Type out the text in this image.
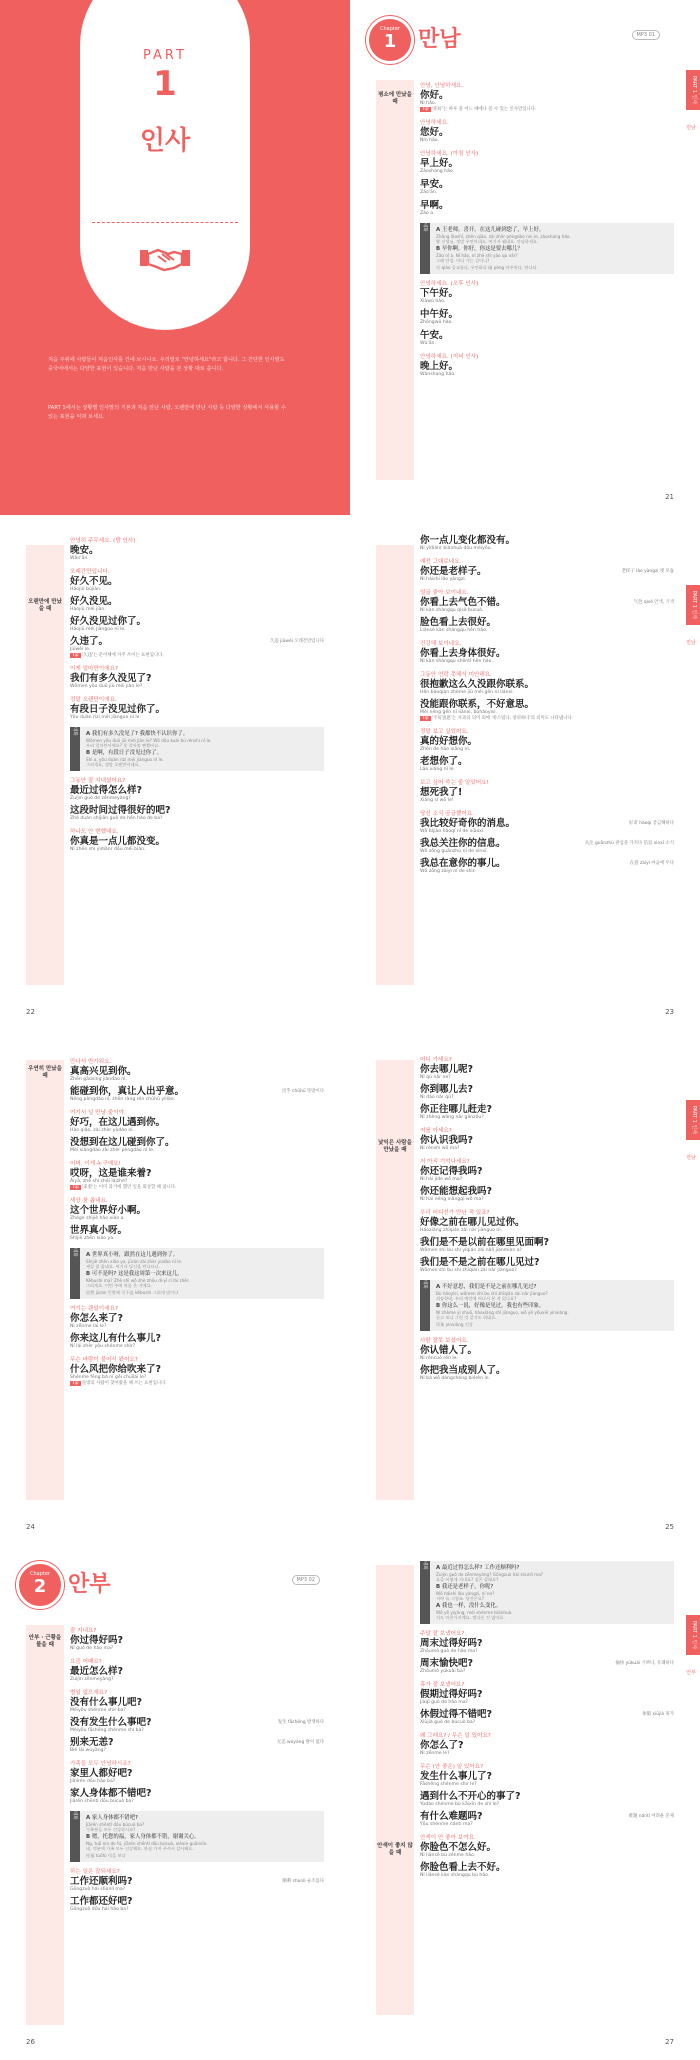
PART
1
인사
처음 주위에 사람들이 처음인사를 건네 보시나요. 우리말로 "안녕하세요"라고 합니다. 그 간단한 인사말도 중국어에서는 다양한 표현이 있습니다. 처음 만난 사람을 본 상황 대로 씁니다.
PART 1에서는 상황별 인사말의 기본과 처음 만난 사람, 오랜만에 만난 사람 등 다양한 상황에서 사용할 수 있는 표현을 익혀 보세요.
Chapter
1 만남	MP3 01
PART 1 인사
만남
평소에 만났을 때
안녕, 안녕하세요.
你好。
Nǐ hǎo.
Tip '你好'는 하루 중 어느 때에나 쓸 수 있는 인사말입니다.
안녕하세요.
您好。
Nín hǎo.
안녕하세요. (아침 인사)
早上好。
Zǎoshang hǎo.
早安。
Zǎo'ān.
早啊。
Zǎo a.
대화	A 王老师，喜开。在这儿碰到您了，早上好。
Zhāng lǎoshī, zhēn qiǎo, zài zhèr pèngdào nín le, zǎoshang hǎo.
왕 선생님, 정말 우연이네요. 여기서 뵙네요. 안녕하세요.
B 早你啊。你好，你这是要去哪儿？
Zǎo nǐ a. Nǐ hǎo, nǐ zhè shì yào qù nǎr?
그래 안녕. 어디 가는 길이니?
巧 qiǎo 공교롭다, 우연하다 碰 pèng 마주치다, 만나다
안녕하세요. (오후 인사)
下午好。
Xiàwǔ hǎo.
中午好。
Zhōngwǔ hǎo.
午安。
Wǔ'ān.
안녕하세요. (저녁 인사)
晚上好。
Wǎnshang hǎo.
21
오랜만에 만났을 때
안녕히 주무세요. (밤 인사)
晚安。
Wǎn'ān.
오래간만입니다.
好久不见。
Hǎojiǔ bújiàn.
好久没见。
Hǎojiǔ méi jiàn.
好久没见过你了。
Hǎojiǔ méi jiànguo nǐ le.
久违了。
Jiǔwéi le.
久违 jiǔwéi 오래간만입니다
Tip '久违'는 문어체에 자주 쓰이는 표현입니다.
이게 얼마만이에요?
我们有多久没见了?
Wǒmen yǒu duō jiǔ méi jiàn le?
정말 오랜만이에요.
有段日子没见过你了。
Yǒu duàn rìzi méi jiànguo nǐ le.
대화	A 我们有多久没见了? 我都快不认识你了。
Wǒmen yǒu duō jiǔ méi jiàn le? Wǒ dōu kuài bú rènshi nǐ le.
우리 얼마만이에요? 못 알아볼 뻔했어요.
B 是啊，有段日子没见过你了。
Shì a, yǒu duàn rìzi méi jiànguo nǐ le.
그러게요, 정말 오랜만이네요.
그동안 잘 지내셨어요?
最近过得怎么样?
Zuìjìn guò de zěnmeyàng?
这段时间过得很好的吧?
Zhè duàn shíjiān guò de hěn hǎo de ba?
하나도 안 변했네요.
你真是一点儿都没变。
Nǐ zhēn shì yìdiǎnr dōu méi biàn.
22
PART 1 인사
만남
你一点儿变化都没有。
Nǐ yìdiǎnr biànhuà dōu méiyǒu.
예전 그대로네요.
你还是老样子。
Nǐ háishi lǎo yàngzi.
老样子 lǎo yàngzi 옛 모습
얼굴 좋아 보이네요.
你看上去气色不错。
Nǐ kàn shàngqu qìsè búcuò.
气色 qìsè 안색, 기색
脸色看上去很好。
Liǎnsè kàn shàngqu hěn hǎo.
건강해 보이네요.
你看上去身体很好。
Nǐ kàn shàngqu shēntǐ hěn hǎo.
그동안 연락 못해서 미안해요.
很抱歉这么久没跟你联系。
Hěn bàoqiàn zhème jiǔ méi gēn nǐ liánxì.
没能跟你联系，不好意思。
Méi néng gēn nǐ liánxì, bùhǎoyìsi.
Tip '不好意思'는 사과의 의미 외에 '쑥스럽다, 창피하다'의 의미도 나타냅니다.
정말 보고 싶었어요.
真的好想你。
Zhēn de hǎo xiǎng nǐ.
老想你了。
Lǎo xiǎng nǐ le.
보고 싶어 죽는 줄 알았어요!
想死我了!
Xiǎng sǐ wǒ le!
당신 소식 궁금했어요.
我比较好奇你的消息。
Wǒ bǐjiào hàoqí nǐ de xiāoxi.
好奇 hàoqí 궁금해하다
我总关注你的信息。
Wǒ zǒng guānzhù nǐ de xìnxī.
关注 guānzhù 관심을 가지다 信息 xìnxī 소식
我总在意你的事儿。
Wǒ zǒng zàiyì nǐ de shìr.
在意 zàiyì 마음에 두다
23
우연히 만났을 때
만나서 반가워요.
真高兴见到你。
Zhēn gāoxìng jiàndào nǐ.
能碰到你，真让人出乎意。
Néng pèngdào nǐ, zhēn ràng rén chūhū yìliào.
出乎 chūhū 뜻밖이다
여기서 널 만날 줄이야.
好巧，在这儿遇到你。
Hǎo qiǎo, zài zhèr yùdào nǐ.
没想到在这儿碰到你了。
Méi xiǎngdào zài zhèr pèngdào nǐ le.
어머, 이게 누구예요!
哎呀，这是谁来着?
Āiyā, zhè shì shéi láizhe?
Tip '来着'는 이미 과거에 했던 일을 회상할 때 씁니다.
세상 참 좁네요.
这个世界好小啊。
Zhège shìjiè hǎo xiǎo a.
世界真小呀。
Shìjiè zhēn xiǎo ya.
대화	A 世界真小呀，跟然在这儿遇到你了。
Shìjiè zhēn xiǎo ya, jūrán zài zhèr yùdào nǐ le.
세상 참 좁네요. 여기서 당신을 만나다니.
B 可不是吗? 这是我这周第一次来这儿。
Kěbushì ma? Zhè shì wǒ zhè zhōu dì-yī cì lái zhèr.
그러게요. 이번 주에 처음 온 거예요.
居然 jūrán 뜻밖에 可不是 kěbushì 그러게 말이다
여기는 웬일이세요?
你怎么来了?
Nǐ zěnme lái le?
你来这儿有什么事儿?
Nǐ lái zhèr yǒu shénme shìr?
무슨 바람이 불어서 왔어요?
什么风把你给吹来了?
Shénme fēng bǎ nǐ gěi chuīlai le?
Tip 뜻밖의 사람이 찾아왔을 때 쓰는 표현입니다.
24
PART 1 인사
만남
낯익은 사람을 만났을 때
어디 가세요?
你去哪儿呢?
Nǐ qù nǎr ne?
你到哪儿去?
Nǐ dào nǎr qù?
你正往哪儿赶走?
Nǐ zhèng wǎng nǎr gǎnzǒu?
저를 아세요?
你认识我吗?
Nǐ rènshi wǒ ma?
저 아직 기억나세요?
你还记得我吗?
Nǐ hái jìde wǒ ma?
你还能想起我吗?
Nǐ hái néng xiǎngqǐ wǒ ma?
우리 어디선가 만난 적 있죠?
好像之前在哪儿见过你。
Hǎoxiàng zhīqián zài nǎr jiànguo nǐ.
我们是不是以前在哪里见面啊?
Wǒmen shì bu shì yǐqián zài nǎlǐ jiànmiàn a?
我们是不是之前在哪儿见过?
Wǒmen shì bu shì zhīqián zài nǎr jiànguo?
대화	A 不好意思，我们是不是之前在哪儿见过?
Bù hǎoyìsi, wǒmen shì bu shì zhīqián zài nǎr jiànguo?
죄송한데, 우리 예전에 어디서 본 적 있나요?
B 你这么一说，好像是见过，我也有些印象。
Nǐ zhème yì shuō, hǎoxiàng shì jiànguo, wǒ yě yǒuxiē yìnxiàng.
듣고 보니 그런 것 같기도 하네요.
印象 yìnxiàng 인상
사람 잘못 보셨어요.
你认错人了。
Nǐ rèncuò rén le.
你把我当成别人了。
Nǐ bǎ wǒ dàngchéng biérén le.
25
Chapter
2 안부	MP3 02
안부 · 근황을 물을 때
잘 지내요?
你过得好吗?
Nǐ guò de hǎo ma?
요즘 어때요?
最近怎么样?
Zuìjìn zěnmeyàng?
별일 없으세요?
没有什么事儿吧?
Méiyǒu shénme shìr ba?
没有发生什么事吧?
Méiyǒu fāshēng shénme shì ba?
发生 fāshēng 발생하다
别来无恙?
Bié lái wúyàng?
无恙 wúyàng 탈이 없다
가족들 모두 안녕하시죠?
家里人都好吧?
Jiālirén dōu hǎo ba?
家人身体都不错吧?
Jiārén shēntǐ dōu búcuò ba?
대화	A 家人身体都不错吧?
Jiārén shēntǐ dōu búcuò ba?
가족분들 모두 건강하시죠?
B 嗯，托您的福，家人身体都不错，谢谢关心。
Ng, tuō nín de fú, jiārén shēntǐ dōu búcuò, xièxie guānxīn.
네, 덕분에 가족 모두 건강해요. 관심 가져 주셔서 감사해요.
托福 tuōfú 덕을 보다
하는 일은 잘되세요?
工作还顺利吗?
Gōngzuò hái shùnlì ma?
顺利 shùnlì 순조롭다
工作都还好吧?
Gōngzuò dōu hái hǎo ba?
26
PART 1 인사
안부
안색이 좋지 않을 때
대화	A 最近过得怎么样? 工作还顺利吗?
Zuìjìn guò de zěnmeyàng? Gōngzuò hái shùnlì ma?
요즘 어떻게 지내요? 일은 잘돼요?
B 我还是老样子，你呢?
Wǒ háishi lǎo yàngzi, nǐ ne?
저야 늘 그렇죠. 당신은요?
A 我也一样，没什么变化。
Wǒ yě yíyàng, méi shénme biànhuà.
저도 마찬가지예요. 별다른 건 없어요.
주말 잘 보냈어요?
周末过得好吗?
Zhōumò guò de hǎo ma?
周末愉快吧?
Zhōumò yúkuài ba?
愉快 yúkuài 기쁘다, 유쾌하다
휴가 잘 보냈어요?
假期过得好吗?
Jiàqī guò de hǎo ma?
休假过得不错吧?
Xiūjià guò de búcuò ba?
休假 xiūjià 휴가
왜 그래요? / 무슨 일 있어요?
你怎么了?
Nǐ zěnme le?
무슨 (안 좋은) 일 있어요?
发生什么事儿了?
Fāshēng shénme shìr le?
遇到什么不开心的事了?
Yùdào shénme bù kāixīn de shì le?
有什么难题吗?
Yǒu shénme nántí ma?
难题 nántí 어려운 문제
안색이 안 좋아 보여요.
你脸色不怎么好。
Nǐ liǎnsè bù zěnme hǎo.
你脸色看上去不好。
Nǐ liǎnsè kàn shàngqu bù hǎo.
27
